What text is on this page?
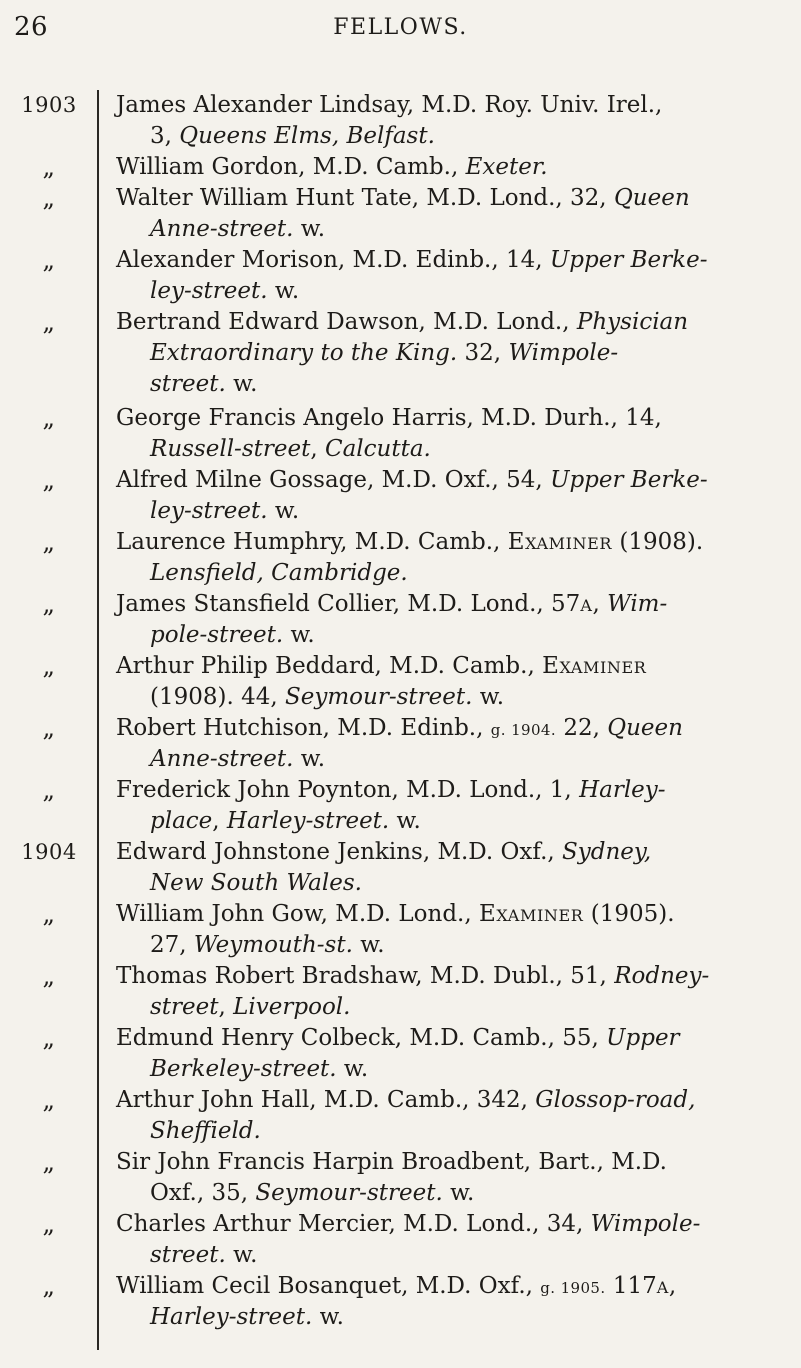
26	FELLOWS.
1903	James Alexander Lindsay, M.D. Roy. Univ. Irel.,
3, Queens Elms, Belfast.
„	William Gordon, M.D. Camb., Exeter.
„	Walter William Hunt Tate, M.D. Lond., 32, Queen
Anne-street. w.
„	Alexander Morison, M.D. Edinb., 14, Upper Berke-
ley-street. w.
„	Bertrand Edward Dawson, M.D. Lond., Physician
Extraordinary to the King. 32, Wimpole-
street. w.
„	George Francis Angelo Harris, M.D. Durh., 14,
Russell-street, Calcutta.
„	Alfred Milne Gossage, M.D. Oxf., 54, Upper Berke-
ley-street. w.
„	Laurence Humphry, M.D. Camb., Examiner (1908).
Lensfield, Cambridge.
„	James Stansfield Collier, M.D. Lond., 57a, Wim-
pole-street. w.
„	Arthur Philip Beddard, M.D. Camb., Examiner
(1908). 44, Seymour-street. w.
„	Robert Hutchison, M.D. Edinb., g. 1904. 22, Queen
Anne-street. w.
„	Frederick John Poynton, M.D. Lond., 1, Harley-
place, Harley-street. w.
1904	Edward Johnstone Jenkins, M.D. Oxf., Sydney,
New South Wales.
„	William John Gow, M.D. Lond., Examiner (1905).
27, Weymouth-st. w.
„	Thomas Robert Bradshaw, M.D. Dubl., 51, Rodney-
street, Liverpool.
„	Edmund Henry Colbeck, M.D. Camb., 55, Upper
Berkeley-street. w.
„	Arthur John Hall, M.D. Camb., 342, Glossop-road,
Sheffield.
„	Sir John Francis Harpin Broadbent, Bart., M.D.
Oxf., 35, Seymour-street. w.
„	Charles Arthur Mercier, M.D. Lond., 34, Wimpole-
street. w.
„	William Cecil Bosanquet, M.D. Oxf., g. 1905. 117a,
Harley-street. w.
